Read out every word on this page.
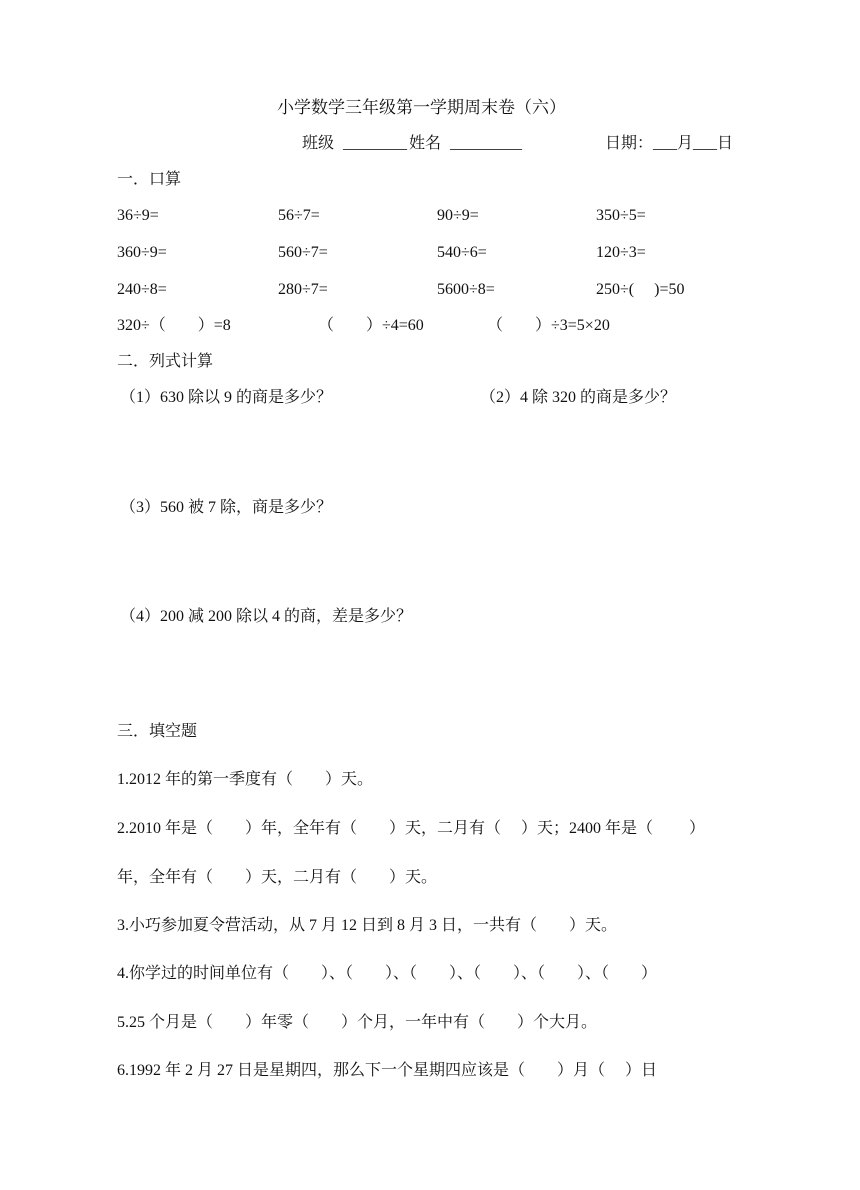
小学数学三年级第一学期周末卷（六）
班级 ________ 姓名 _________	日期：___月___日
一．口算
36÷9=	56÷7=	90÷9=	350÷5=
360÷9=	560÷7=	540÷6=	120÷3=
240÷8=	280÷7=	5600÷8=	250÷(　 )=50
320÷（　　）=8	（　　）÷4=60	（　　）÷3=5×20
二．列式计算
（1）630 除以 9 的商是多少？	（2）4 除 320 的商是多少？
（3）560 被 7 除，商是多少？
（4）200 减 200 除以 4 的商，差是多少？
三．填空题
1.2012 年的第一季度有（　　）天。
2.2010 年是（　　）年，全年有（　　）天，二月有（　 ）天；2400 年是（　　 ）
年，全年有（　　）天，二月有（　　）天。
3.小巧参加夏令营活动，从 7 月 12 日到 8 月 3 日，一共有（　　）天。
4.你学过的时间单位有（　　）、（　　）、（　　）、（　　）、（　　）、（　　）
5.25 个月是（　　）年零（　　）个月，一年中有（　　）个大月。
6.1992 年 2 月 27 日是星期四，那么下一个星期四应该是（　　）月（　 ）日
